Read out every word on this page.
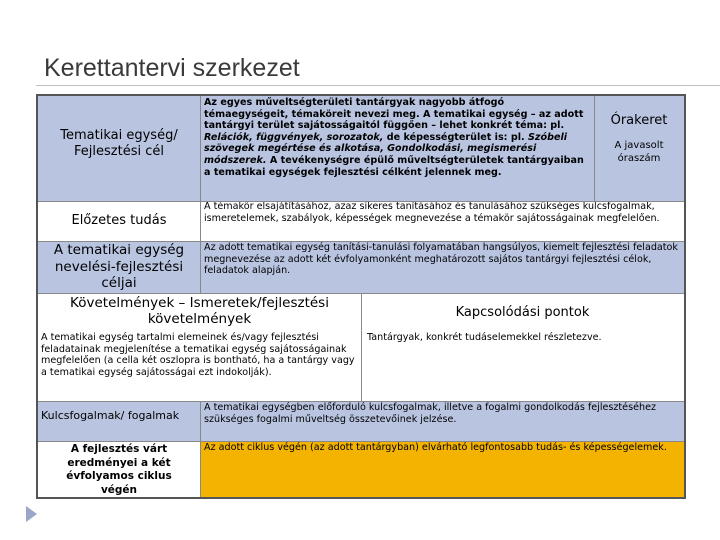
Kerettantervi szerkezet
Tematikai egység/ Fejlesztési cél
Az egyes műveltségterületi tantárgyak nagyobb átfogó témaegységeit, témaköreit nevezi meg. A tematikai egység – az adott tantárgyi terület sajátosságaitól függően – lehet konkrét téma: pl. Relációk, függvények, sorozatok, de képességterület is: pl. Szóbeli szövegek megértése és alkotása, Gondolkodási, megismerési módszerek. A tevékenységre épülő műveltségterületek tantárgyaiban a tematikai egységek fejlesztési célként jelennek meg.
Órakeret
A javasolt óraszám
Előzetes tudás
A témakör elsajátításához, azaz sikeres tanításához és tanulásához szükséges kulcsfogalmak, ismeretelemek, szabályok, képességek megnevezése a témakör sajátosságainak megfelelően.
A tematikai egység nevelési-fejlesztési céljai
Az adott tematikai egység tanítási-tanulási folyamatában hangsúlyos, kiemelt fejlesztési feladatok megnevezése az adott két évfolyamonként meghatározott sajátos tantárgyi fejlesztési célok, feladatok alapján.
Követelmények – Ismeretek/fejlesztési követelmények	Kapcsolódási pontok
A tematikai egység tartalmi elemeinek és/vagy fejlesztési feladatainak megjelenítése a tematikai egység sajátosságainak megfelelően (a cella két oszlopra is bontható, ha a tantárgy vagy a tematikai egység sajátosságai ezt indokolják).
Tantárgyak, konkrét tudáselemekkel részletezve.
Kulcsfogalmak/ fogalmak
A tematikai egységben előforduló kulcsfogalmak, illetve a fogalmi gondolkodás fejlesztéséhez szükséges fogalmi műveltség összetevőinek jelzése.
A fejlesztés várt eredményei a két évfolyamos ciklus végén
Az adott ciklus végén (az adott tantárgyban) elvárható legfontosabb tudás- és képességelemek.
